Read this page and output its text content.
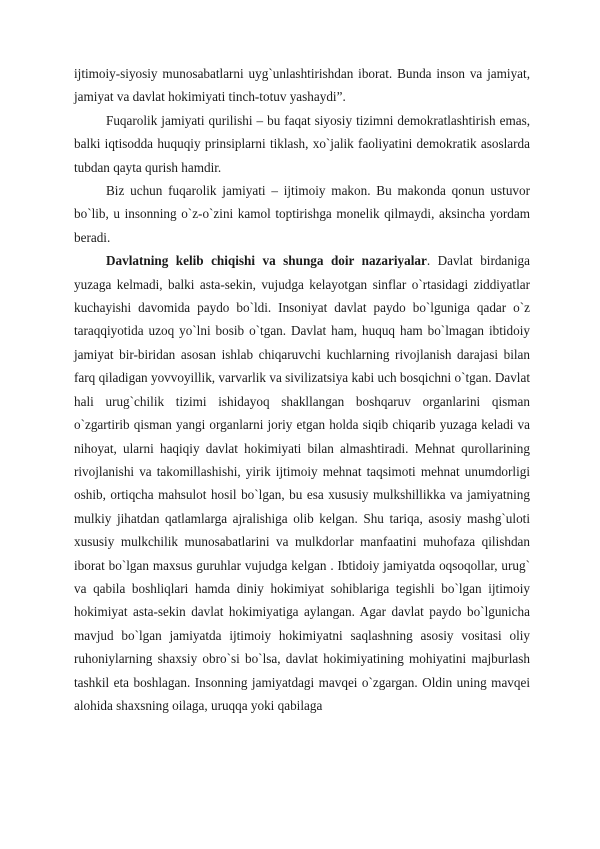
ijtimoiy-siyosiy munosabatlarni uyg`unlashtirishdan iborat. Bunda inson va jamiyat, jamiyat va davlat hokimiyati tinch-totuv yashaydi”.

Fuqarolik jamiyati qurilishi – bu faqat siyosiy tizimni demokratlashtirish emas, balki iqtisodda huquqiy prinsiplarni tiklash, xo`jalik faoliyatini demokratik asoslarda tubdan qayta qurish hamdir.

Biz uchun fuqarolik jamiyati – ijtimoiy makon. Bu makonda qonun ustuvor bo`lib, u insonning o`z-o`zini kamol toptirishga monelik qilmaydi, aksincha yordam beradi.

Davlatning kelib chiqishi va shunga doir nazariyalar. Davlat birdaniga yuzaga kelmadi, balki asta-sekin, vujudga kelayotgan sinflar o`rtasidagi ziddiyatlar kuchayishi davomida paydo bo`ldi. Insoniyat davlat paydo bo`lguniga qadar o`z taraqqiyotida uzoq yo`lni bosib o`tgan. Davlat ham, huquq ham bo`lmagan ibtidoiy jamiyat bir-biridan asosan ishlab chiqaruvchi kuchlarning rivojlanish darajasi bilan farq qiladigan yovvoyillik, varvarlik va sivilizatsiya kabi uch bosqichni o`tgan. Davlat hali urug`chilik tizimi ishidayoq shakllangan boshqaruv organlarini qisman o`zgartirib qisman yangi organlarni joriy etgan holda siqib chiqarib yuzaga keladi va nihoyat, ularni haqiqiy davlat hokimiyati bilan almashtiradi. Mehnat qurollarining rivojlanishi va takomillashishi, yirik ijtimoiy mehnat taqsimoti mehnat unumdorligi oshib, ortiqcha mahsulot hosil bo`lgan, bu esa xususiy mulkshillikka va jamiyatning mulkiy jihatdan qatlamlarga ajralishiga olib kelgan. Shu tariqa, asosiy mashg`uloti xususiy mulkchilik munosabatlarini va mulkdorlar manfaatini muhofaza qilishdan iborat bo`lgan maxsus guruhlar vujudga kelgan . Ibtidoiy jamiyatda oqsoqollar, urug` va qabila boshliqlari hamda diniy hokimiyat sohiblariga tegishli bo`lgan ijtimoiy hokimiyat asta-sekin davlat hokimiyatiga aylangan. Agar davlat paydo bo`lgunicha mavjud bo`lgan jamiyatda ijtimoiy hokimiyatni saqlashning asosiy vositasi oliy ruhoniylarning shaxsiy obro`si bo`lsa, davlat hokimiyatining mohiyatini majburlash tashkil eta boshlagan. Insonning jamiyatdagi mavqei o`zgargan. Oldin uning mavqei alohida shaxsning oilaga, uruqqa yoki qabilaga
